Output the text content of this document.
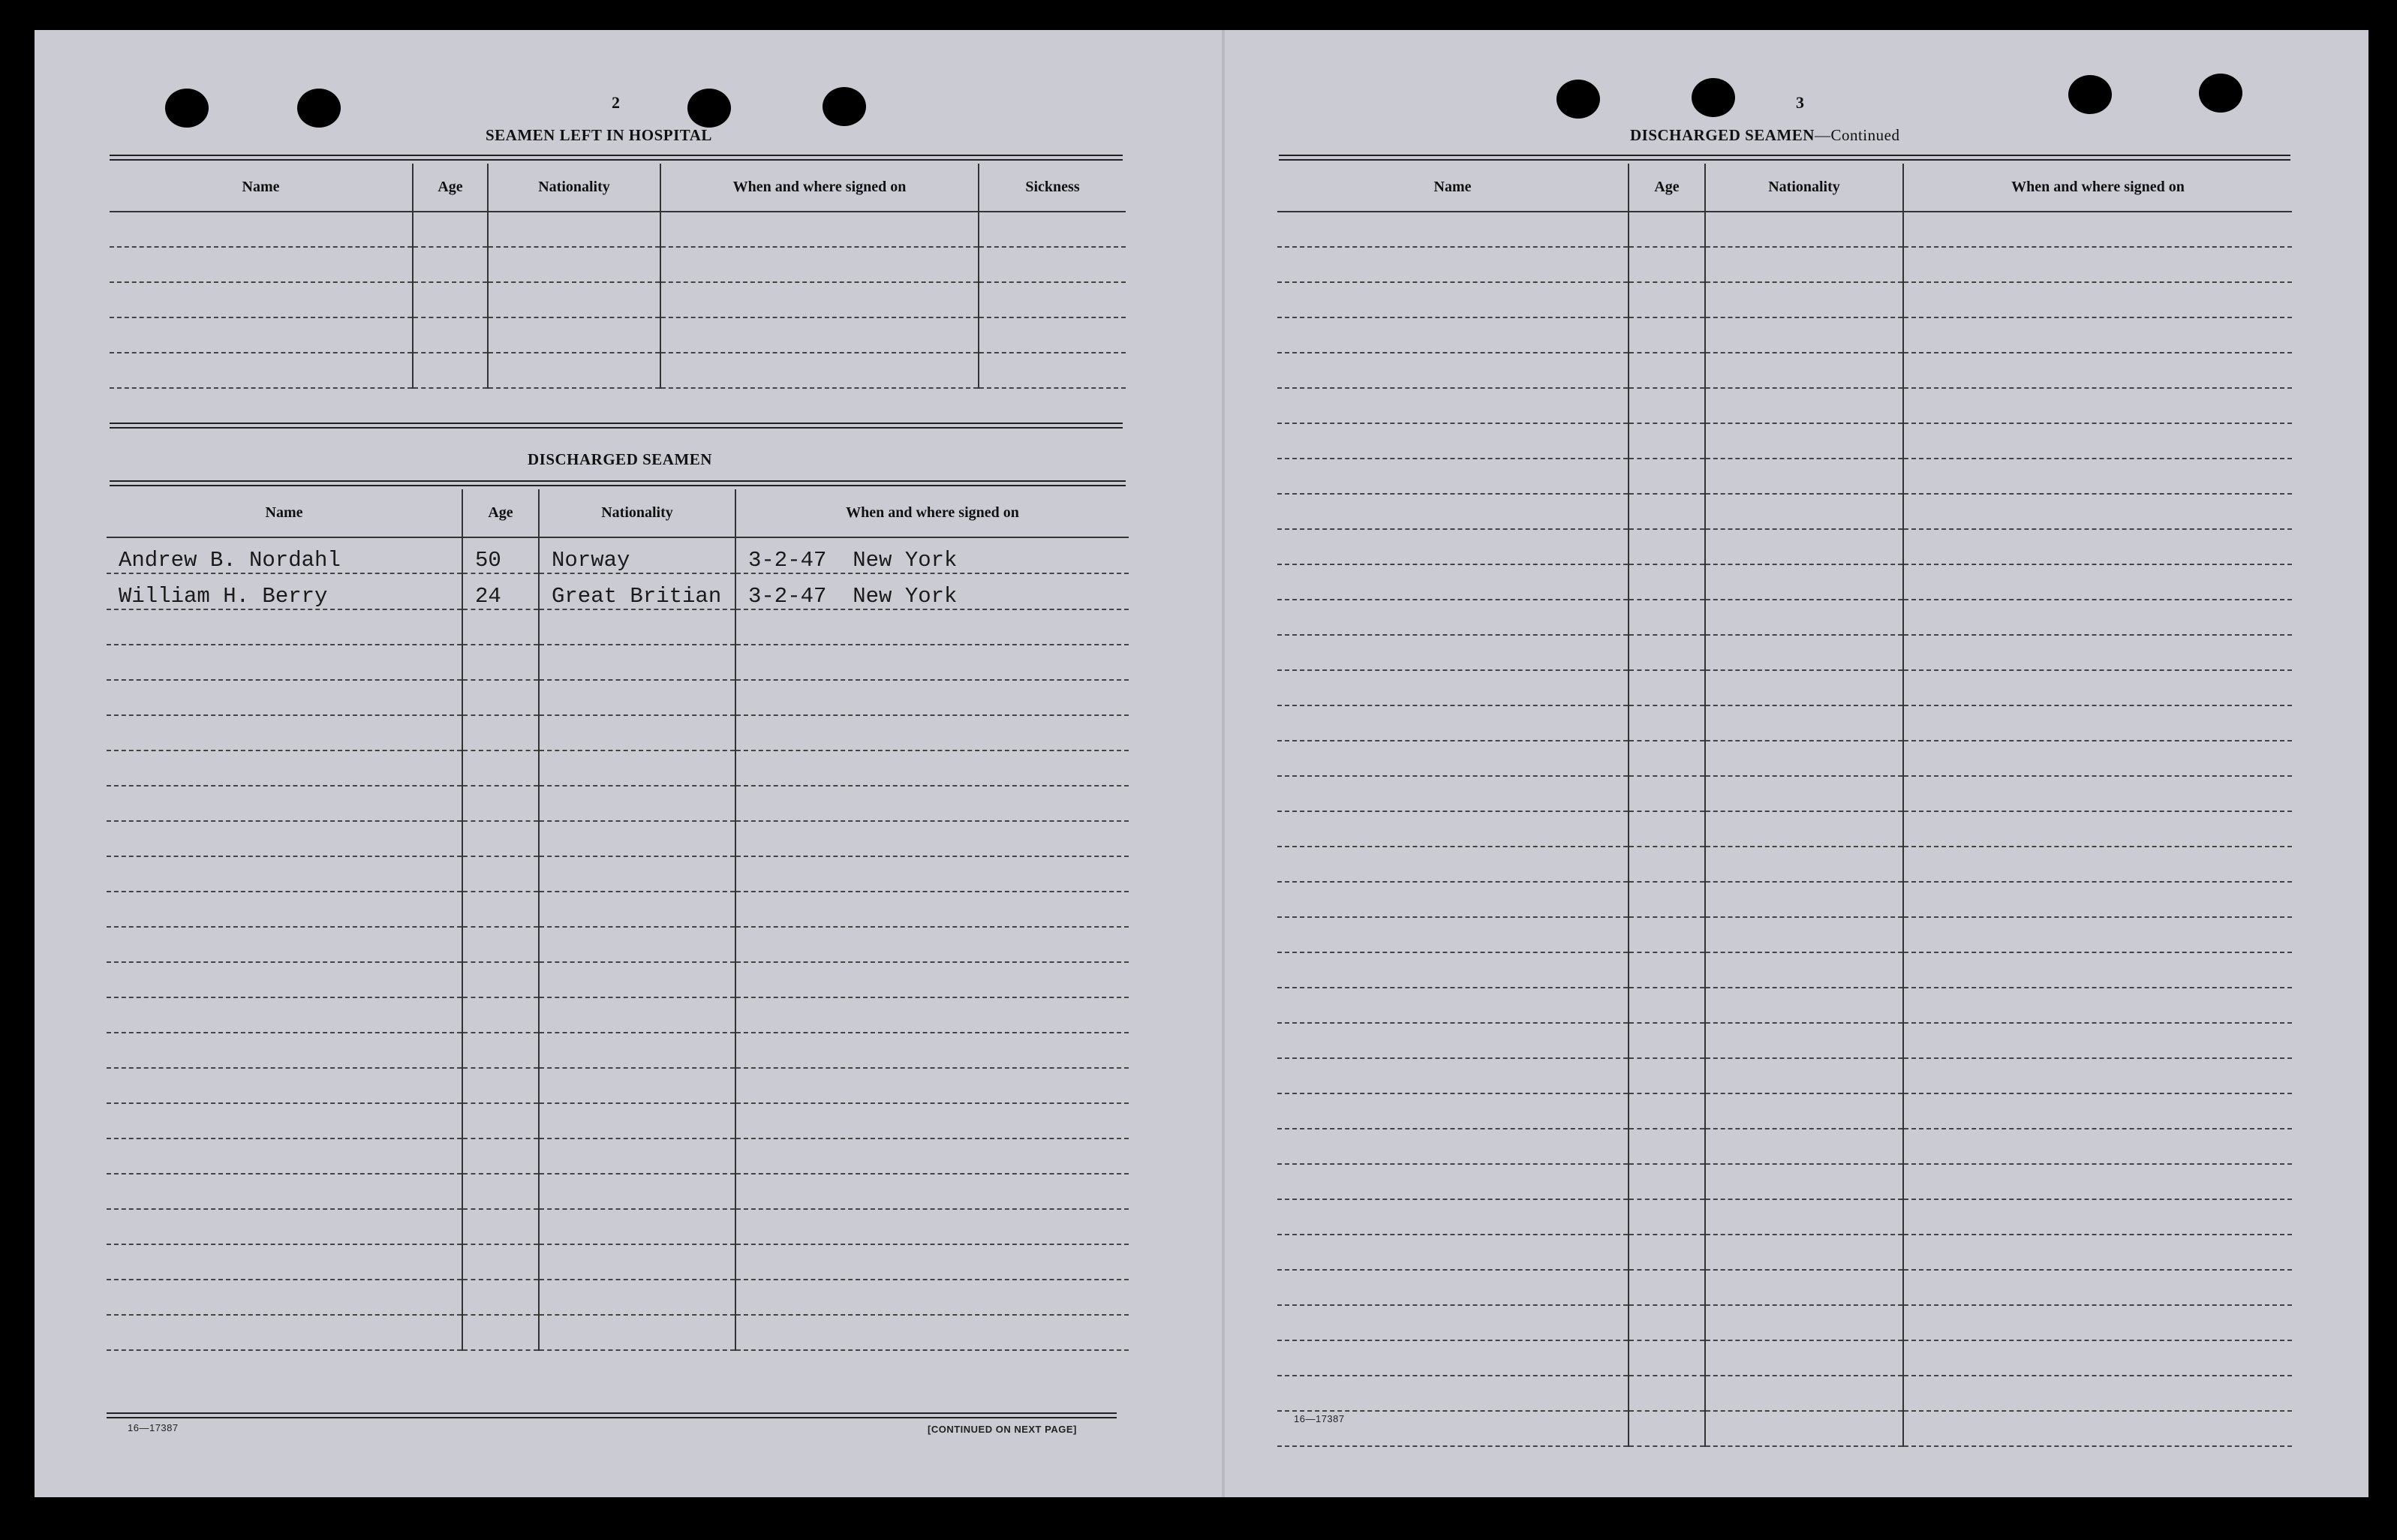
2
SEAMEN LEFT IN HOSPITAL
Name	Age	Nationality	When and where signed on	Sickness

DISCHARGED SEAMEN
Name	Age	Nationality	When and where signed on
Andrew B. Nordahl	50	Norway	3-2-47  New York
William H. Berry	24	Great Britian	3-2-47  New York

16—17387	[CONTINUED ON NEXT PAGE]
3
DISCHARGED SEAMEN—Continued
Name	Age	Nationality	When and where signed on

16—17387
